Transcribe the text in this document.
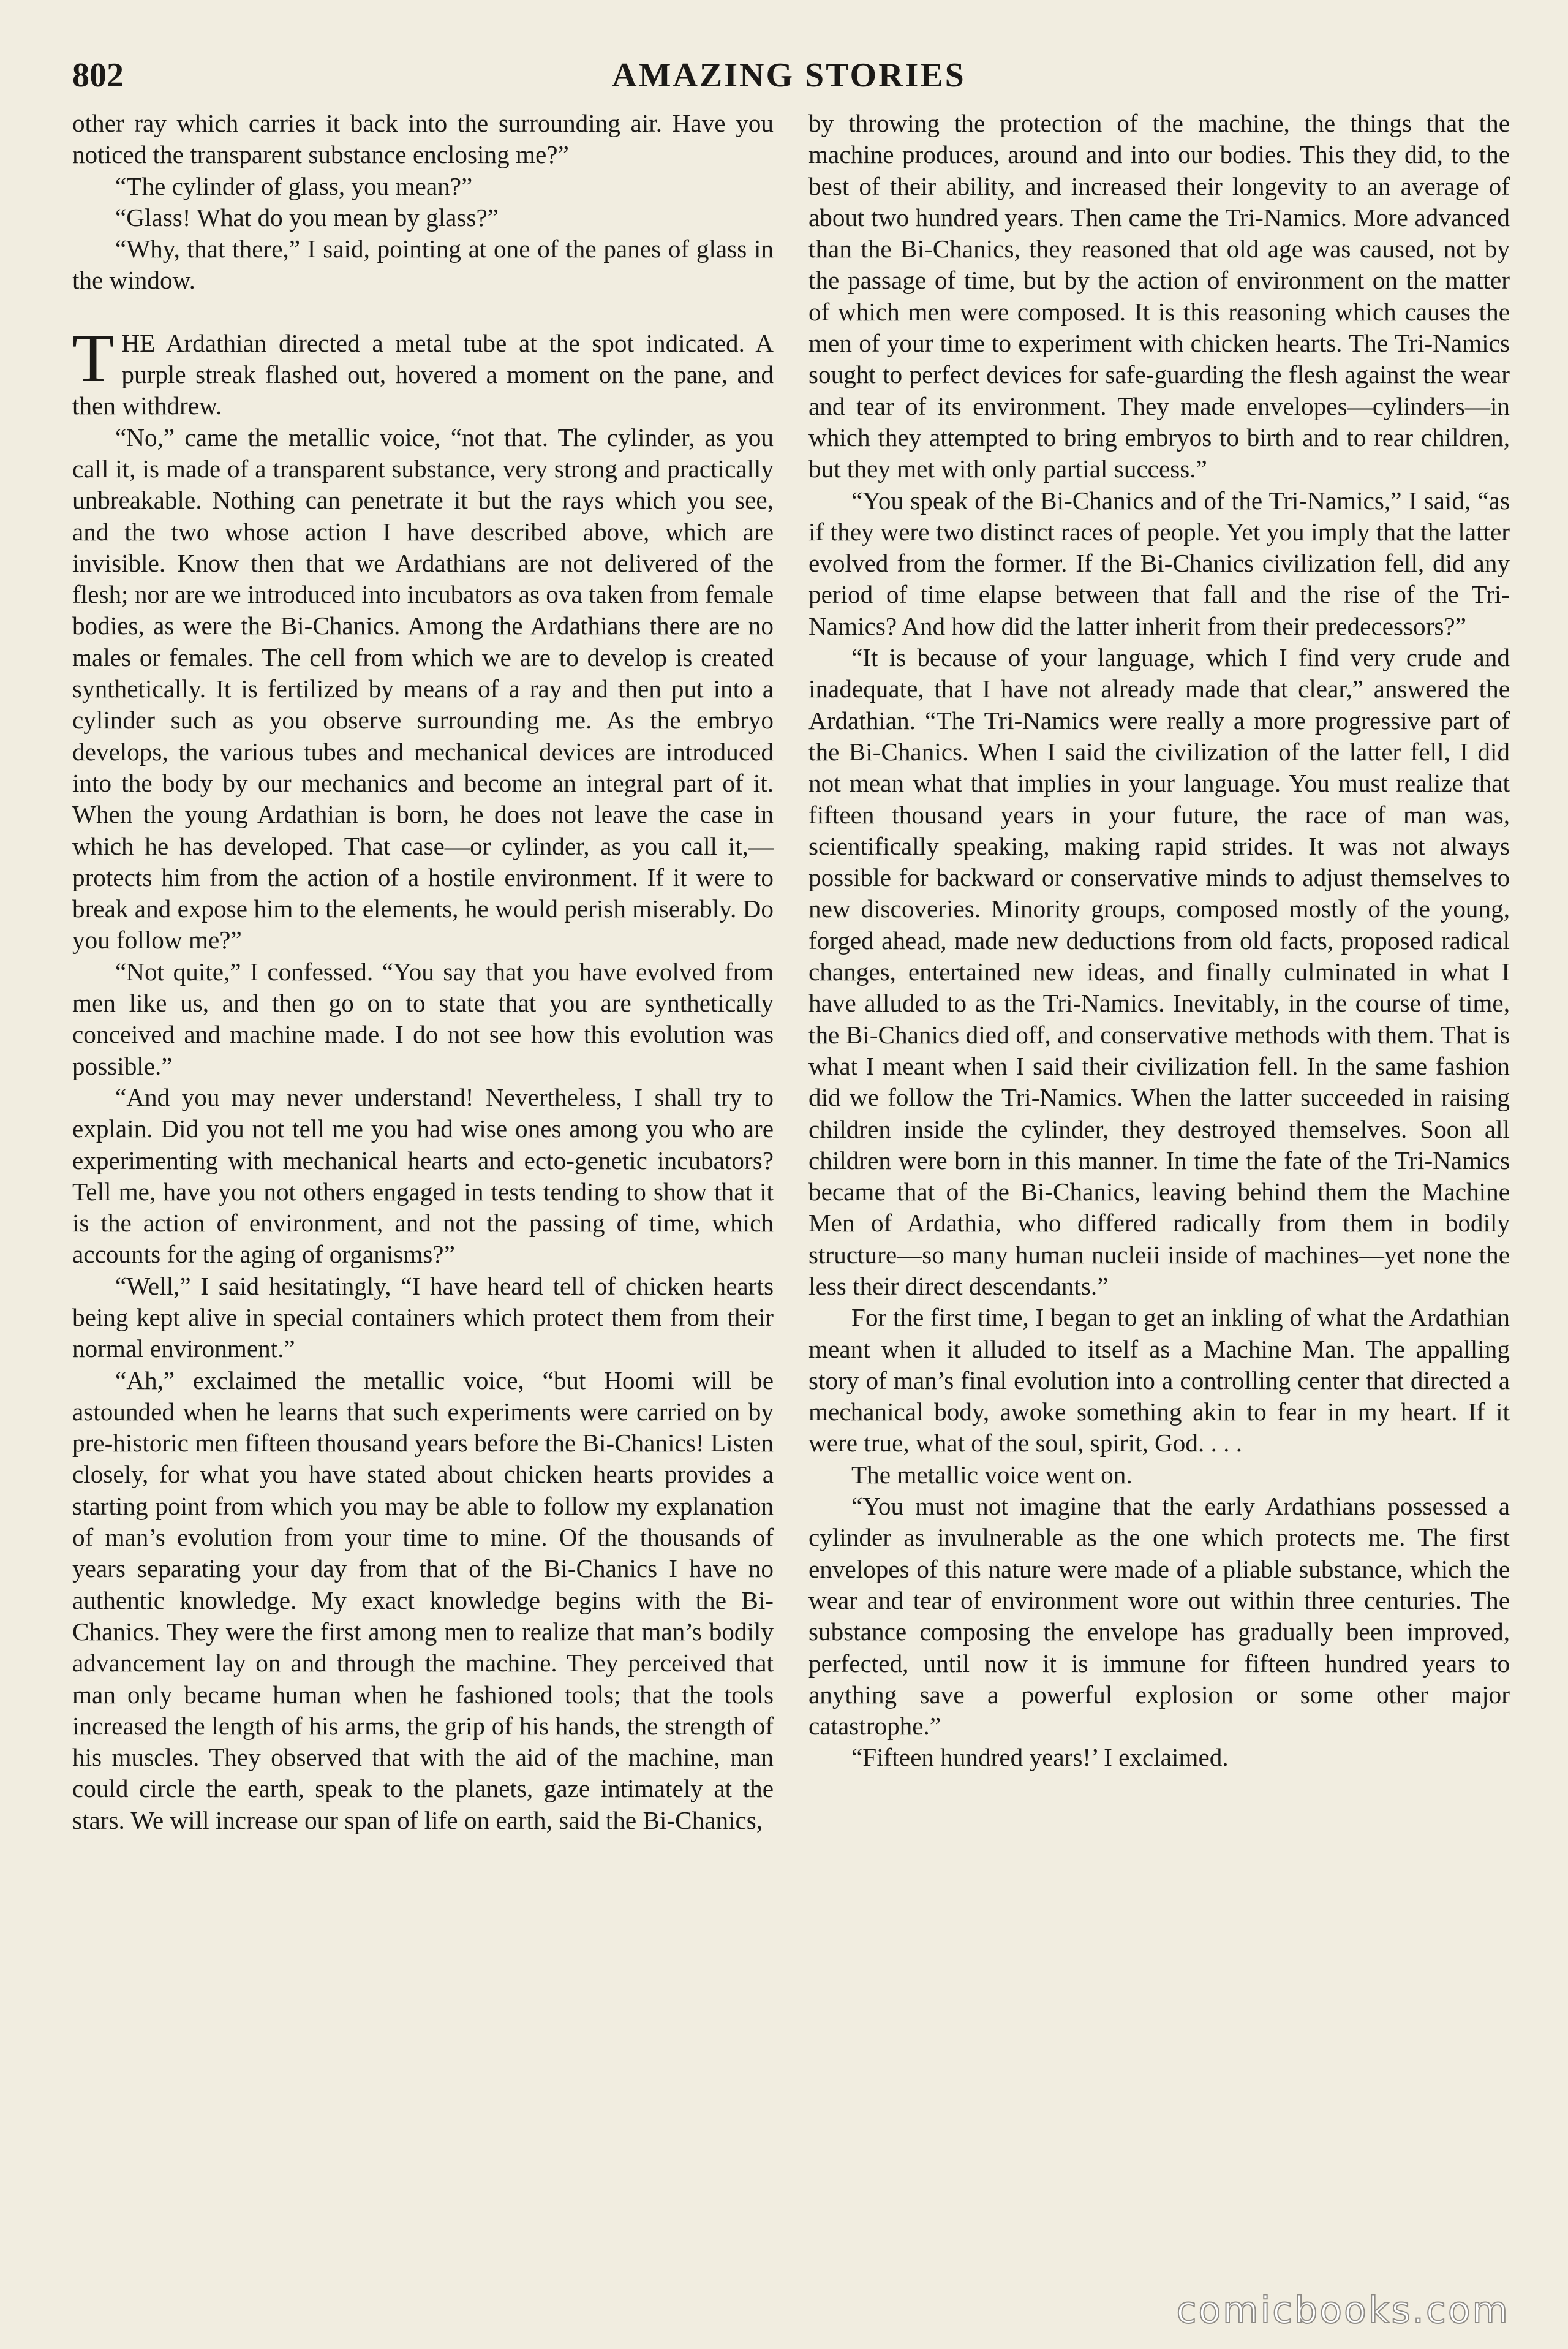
802	AMAZING STORIES

other ray which carries it back into the surrounding air. Have you noticed the transparent substance enclosing me?”

“The cylinder of glass, you mean?”

“Glass! What do you mean by glass?”

“Why, that there,” I said, pointing at one of the panes of glass in the window.

THE Ardathian directed a metal tube at the spot indicated. A purple streak flashed out, hovered a moment on the pane, and then withdrew.

“No,” came the metallic voice, “not that. The cylinder, as you call it, is made of a transparent substance, very strong and practically unbreakable. Nothing can penetrate it but the rays which you see, and the two whose action I have described above, which are invisible. Know then that we Ardathians are not delivered of the flesh; nor are we introduced into incubators as ova taken from female bodies, as were the Bi-Chanics. Among the Ardathians there are no males or females. The cell from which we are to develop is created synthetically. It is fertilized by means of a ray and then put into a cylinder such as you observe surrounding me. As the embryo develops, the various tubes and mechanical devices are introduced into the body by our mechanics and become an integral part of it. When the young Ardathian is born, he does not leave the case in which he has developed. That case—or cylinder, as you call it,—protects him from the action of a hostile environment. If it were to break and expose him to the elements, he would perish miserably. Do you follow me?”

“Not quite,” I confessed. “You say that you have evolved from men like us, and then go on to state that you are synthetically conceived and machine made. I do not see how this evolution was possible.”

“And you may never understand! Nevertheless, I shall try to explain. Did you not tell me you had wise ones among you who are experimenting with mechanical hearts and ecto-genetic incubators? Tell me, have you not others engaged in tests tending to show that it is the action of environment, and not the passing of time, which accounts for the aging of organisms?”

“Well,” I said hesitatingly, “I have heard tell of chicken hearts being kept alive in special containers which protect them from their normal environment.”

“Ah,” exclaimed the metallic voice, “but Hoomi will be astounded when he learns that such experiments were carried on by pre-historic men fifteen thousand years before the Bi-Chanics! Listen closely, for what you have stated about chicken hearts provides a starting point from which you may be able to follow my explanation of man’s evolution from your time to mine. Of the thousands of years separating your day from that of the Bi-Chanics I have no authentic knowledge. My exact knowledge begins with the Bi-Chanics. They were the first among men to realize that man’s bodily advancement lay on and through the machine. They perceived that man only became human when he fashioned tools; that the tools increased the length of his arms, the grip of his hands, the strength of his muscles. They observed that with the aid of the machine, man could circle the earth, speak to the planets, gaze intimately at the stars. We will increase our span of life on earth, said the Bi-Chanics,

by throwing the protection of the machine, the things that the machine produces, around and into our bodies. This they did, to the best of their ability, and increased their longevity to an average of about two hundred years. Then came the Tri-Namics. More advanced than the Bi-Chanics, they reasoned that old age was caused, not by the passage of time, but by the action of environment on the matter of which men were composed. It is this reasoning which causes the men of your time to experiment with chicken hearts. The Tri-Namics sought to perfect devices for safe-guarding the flesh against the wear and tear of its environment. They made envelopes—cylinders—in which they attempted to bring embryos to birth and to rear children, but they met with only partial success.”

“You speak of the Bi-Chanics and of the Tri-Namics,” I said, “as if they were two distinct races of people. Yet you imply that the latter evolved from the former. If the Bi-Chanics civilization fell, did any period of time elapse between that fall and the rise of the Tri-Namics? And how did the latter inherit from their predecessors?”

“It is because of your language, which I find very crude and inadequate, that I have not already made that clear,” answered the Ardathian. “The Tri-Namics were really a more progressive part of the Bi-Chanics. When I said the civilization of the latter fell, I did not mean what that implies in your language. You must realize that fifteen thousand years in your future, the race of man was, scientifically speaking, making rapid strides. It was not always possible for backward or conservative minds to adjust themselves to new discoveries. Minority groups, composed mostly of the young, forged ahead, made new deductions from old facts, proposed radical changes, entertained new ideas, and finally culminated in what I have alluded to as the Tri-Namics. Inevitably, in the course of time, the Bi-Chanics died off, and conservative methods with them. That is what I meant when I said their civilization fell. In the same fashion did we follow the Tri-Namics. When the latter succeeded in raising children inside the cylinder, they destroyed themselves. Soon all children were born in this manner. In time the fate of the Tri-Namics became that of the Bi-Chanics, leaving behind them the Machine Men of Ardathia, who differed radically from them in bodily structure—so many human nucleii inside of machines—yet none the less their direct descendants.”

For the first time, I began to get an inkling of what the Ardathian meant when it alluded to itself as a Machine Man. The appalling story of man’s final evolution into a controlling center that directed a mechanical body, awoke something akin to fear in my heart. If it were true, what of the soul, spirit, God. . . .

The metallic voice went on.

“You must not imagine that the early Ardathians possessed a cylinder as invulnerable as the one which protects me. The first envelopes of this nature were made of a pliable substance, which the wear and tear of environment wore out within three centuries. The substance composing the envelope has gradually been improved, perfected, until now it is immune for fifteen hundred years to anything save a powerful explosion or some other major catastrophe.”

“Fifteen hundred years!’ I exclaimed.

comicbooks.com
